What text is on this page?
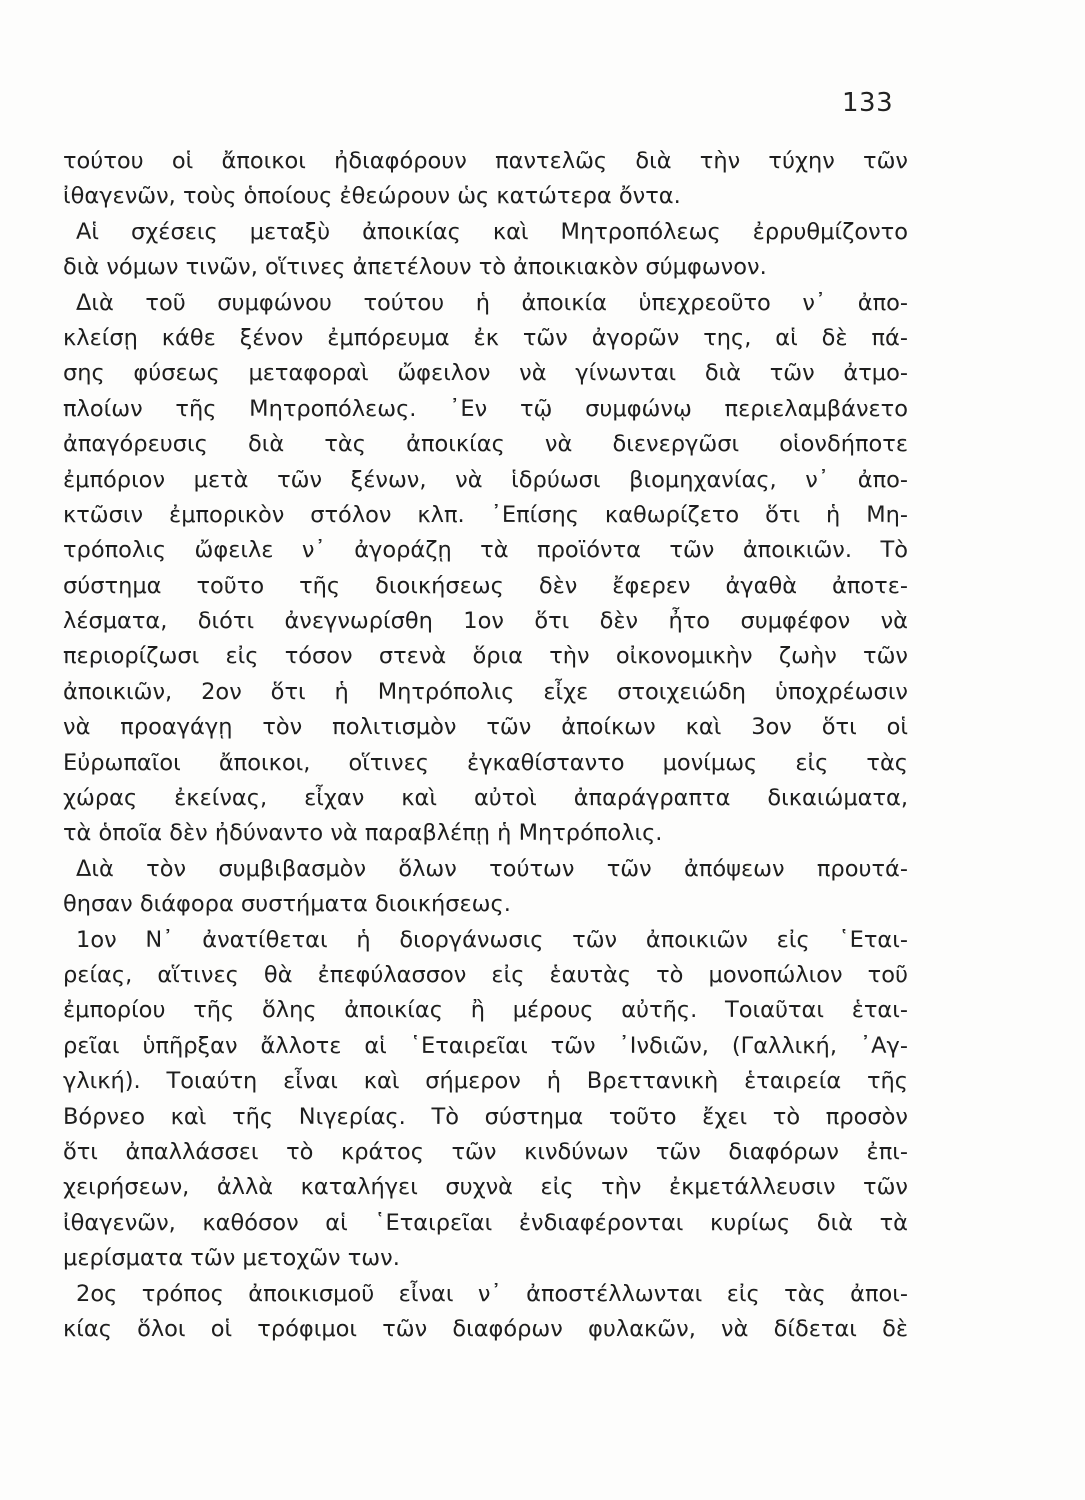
133
τούτου οἱ ἄποικοι ἠδιαφόρουν παντελῶς διὰ τὴν τύχην τῶν
ἰθαγενῶν, τοὺς ὁποίους ἐθεώρουν ὡς κατώτερα ὄντα.
Αἱ σχέσεις μεταξὺ ἀποικίας καὶ Μητροπόλεως ἐρρυθμίζοντο
διὰ νόμων τινῶν, οἵτινες ἀπετέλουν τὸ ἀποικιακὸν σύμφωνον.
Διὰ τοῦ συμφώνου τούτου ἡ ἀποικία ὑπεχρεοῦτο ν᾽ ἀπο-
κλείσῃ κάθε ξένον ἐμπόρευμα ἐκ τῶν ἀγορῶν της, αἱ δὲ πά-
σης φύσεως μεταφοραὶ ὤφειλον νὰ γίνωνται διὰ τῶν ἀτμο-
πλοίων τῆς Μητροπόλεως. ᾿Εν τῷ συμφώνῳ περιελαμβάνετο
ἀπαγόρευσις διὰ τὰς ἀποικίας νὰ διενεργῶσι οἱονδήποτε
ἐμπόριον μετὰ τῶν ξένων, νὰ ἱδρύωσι βιομηχανίας, ν᾽ ἀπο-
κτῶσιν ἐμπορικὸν στόλον κλπ. ᾿Επίσης καθωρίζετο ὅτι ἡ Μη-
τρόπολις ὤφειλε ν᾽ ἀγοράζῃ τὰ προϊόντα τῶν ἀποικιῶν. Τὸ
σύστημα τοῦτο τῆς διοικήσεως δὲν ἔφερεν ἀγαθὰ ἀποτε-
λέσματα, διότι ἀνεγνωρίσθη 1ον ὅτι δὲν ἦτο συμφέφον νὰ
περιορίζωσι εἰς τόσον στενὰ ὅρια τὴν οἰκονομικὴν ζωὴν τῶν
ἀποικιῶν, 2ον ὅτι ἡ Μητρόπολις εἶχε στοιχειώδη ὑποχρέωσιν
νὰ προαγάγῃ τὸν πολιτισμὸν τῶν ἀποίκων καὶ 3ον ὅτι οἱ
Εὐρωπαῖοι ἄποικοι, οἵτινες ἐγκαθίσταντο μονίμως εἰς τὰς
χώρας ἐκείνας, εἶχαν καὶ αὐτοὶ ἀπαράγραπτα δικαιώματα,
τὰ ὁποῖα δὲν ἠδύναντο νὰ παραβλέπῃ ἡ Μητρόπολις.
Διὰ τὸν συμβιβασμὸν ὅλων τούτων τῶν ἀπόψεων προυτά-
θησαν διάφορα συστήματα διοικήσεως.
1ον Ν᾽ ἀνατίθεται ἡ διοργάνωσις τῶν ἀποικιῶν εἰς ῾Εται-
ρείας, αἵτινες θὰ ἐπεφύλασσον εἰς ἑαυτὰς τὸ μονοπώλιον τοῦ
ἐμπορίου τῆς ὅλης ἀποικίας ἢ μέρους αὐτῆς. Τοιαῦται ἑται-
ρεῖαι ὑπῆρξαν ἄλλοτε αἱ ῾Εταιρεῖαι τῶν ᾿Ινδιῶν, (Γαλλική, ᾿Αγ-
γλική). Τοιαύτη εἶναι καὶ σήμερον ἡ Βρεττανικὴ ἑταιρεία τῆς
Βόρνεο καὶ τῆς Νιγερίας. Τὸ σύστημα τοῦτο ἔχει τὸ προσὸν
ὅτι ἀπαλλάσσει τὸ κράτος τῶν κινδύνων τῶν διαφόρων ἐπι-
χειρήσεων, ἀλλὰ καταλήγει συχνὰ εἰς τὴν ἐκμετάλλευσιν τῶν
ἰθαγενῶν, καθόσον αἱ ῾Εταιρεῖαι ἐνδιαφέρονται κυρίως διὰ τὰ
μερίσματα τῶν μετοχῶν των.
2ος τρόπος ἀποικισμοῦ εἶναι ν᾽ ἀποστέλλωνται εἰς τὰς ἀποι-
κίας ὅλοι οἱ τρόφιμοι τῶν διαφόρων φυλακῶν, νὰ δίδεται δὲ
